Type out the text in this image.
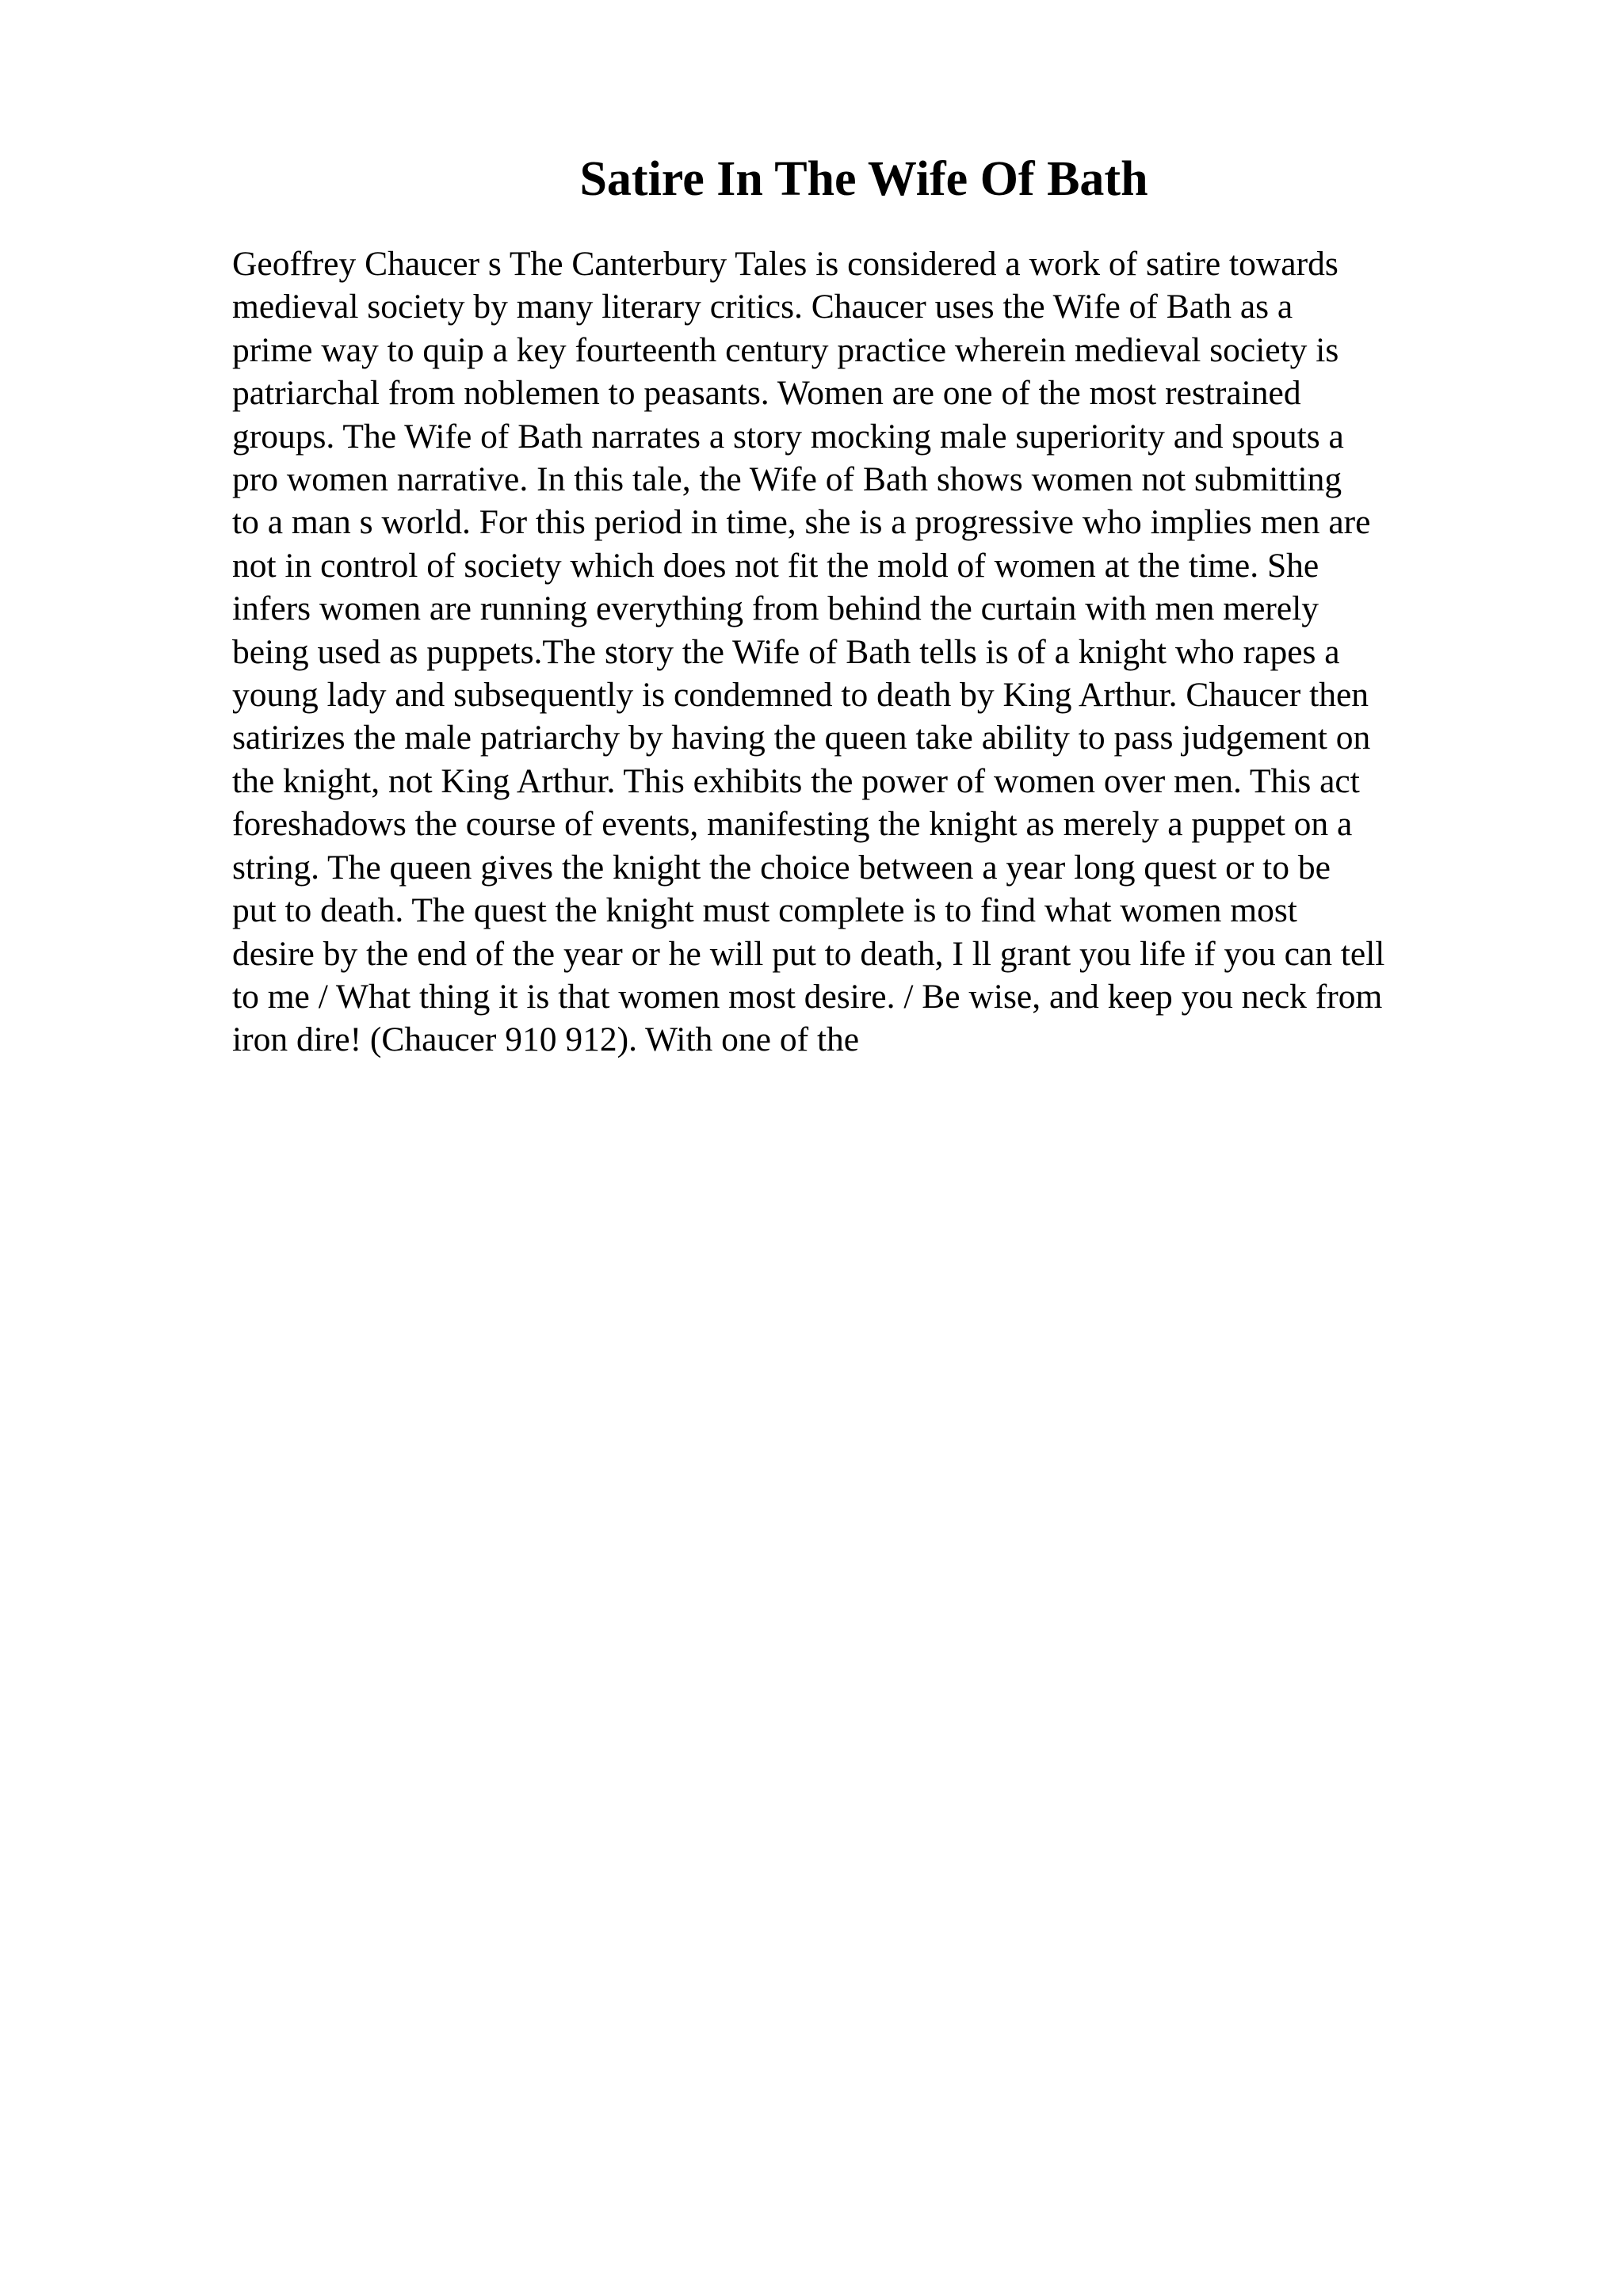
Satire In The Wife Of Bath
Geoffrey Chaucer s The Canterbury Tales is considered a work of satire towards
medieval society by many literary critics. Chaucer uses the Wife of Bath as a
prime way to quip a key fourteenth century practice wherein medieval society is
patriarchal from noblemen to peasants. Women are one of the most restrained
groups. The Wife of Bath narrates a story mocking male superiority and spouts a
pro women narrative. In this tale, the Wife of Bath shows women not submitting
to a man s world. For this period in time, she is a progressive who implies men are
not in control of society which does not fit the mold of women at the time. She
infers women are running everything from behind the curtain with men merely
being used as puppets.The story the Wife of Bath tells is of a knight who rapes a
young lady and subsequently is condemned to death by King Arthur. Chaucer then
satirizes the male patriarchy by having the queen take ability to pass judgement on
the knight, not King Arthur. This exhibits the power of women over men. This act
foreshadows the course of events, manifesting the knight as merely a puppet on a
string. The queen gives the knight the choice between a year long quest or to be
put to death. The quest the knight must complete is to find what women most
desire by the end of the year or he will put to death, I ll grant you life if you can tell
to me / What thing it is that women most desire. / Be wise, and keep you neck from
iron dire! (Chaucer 910 912). With one of the
